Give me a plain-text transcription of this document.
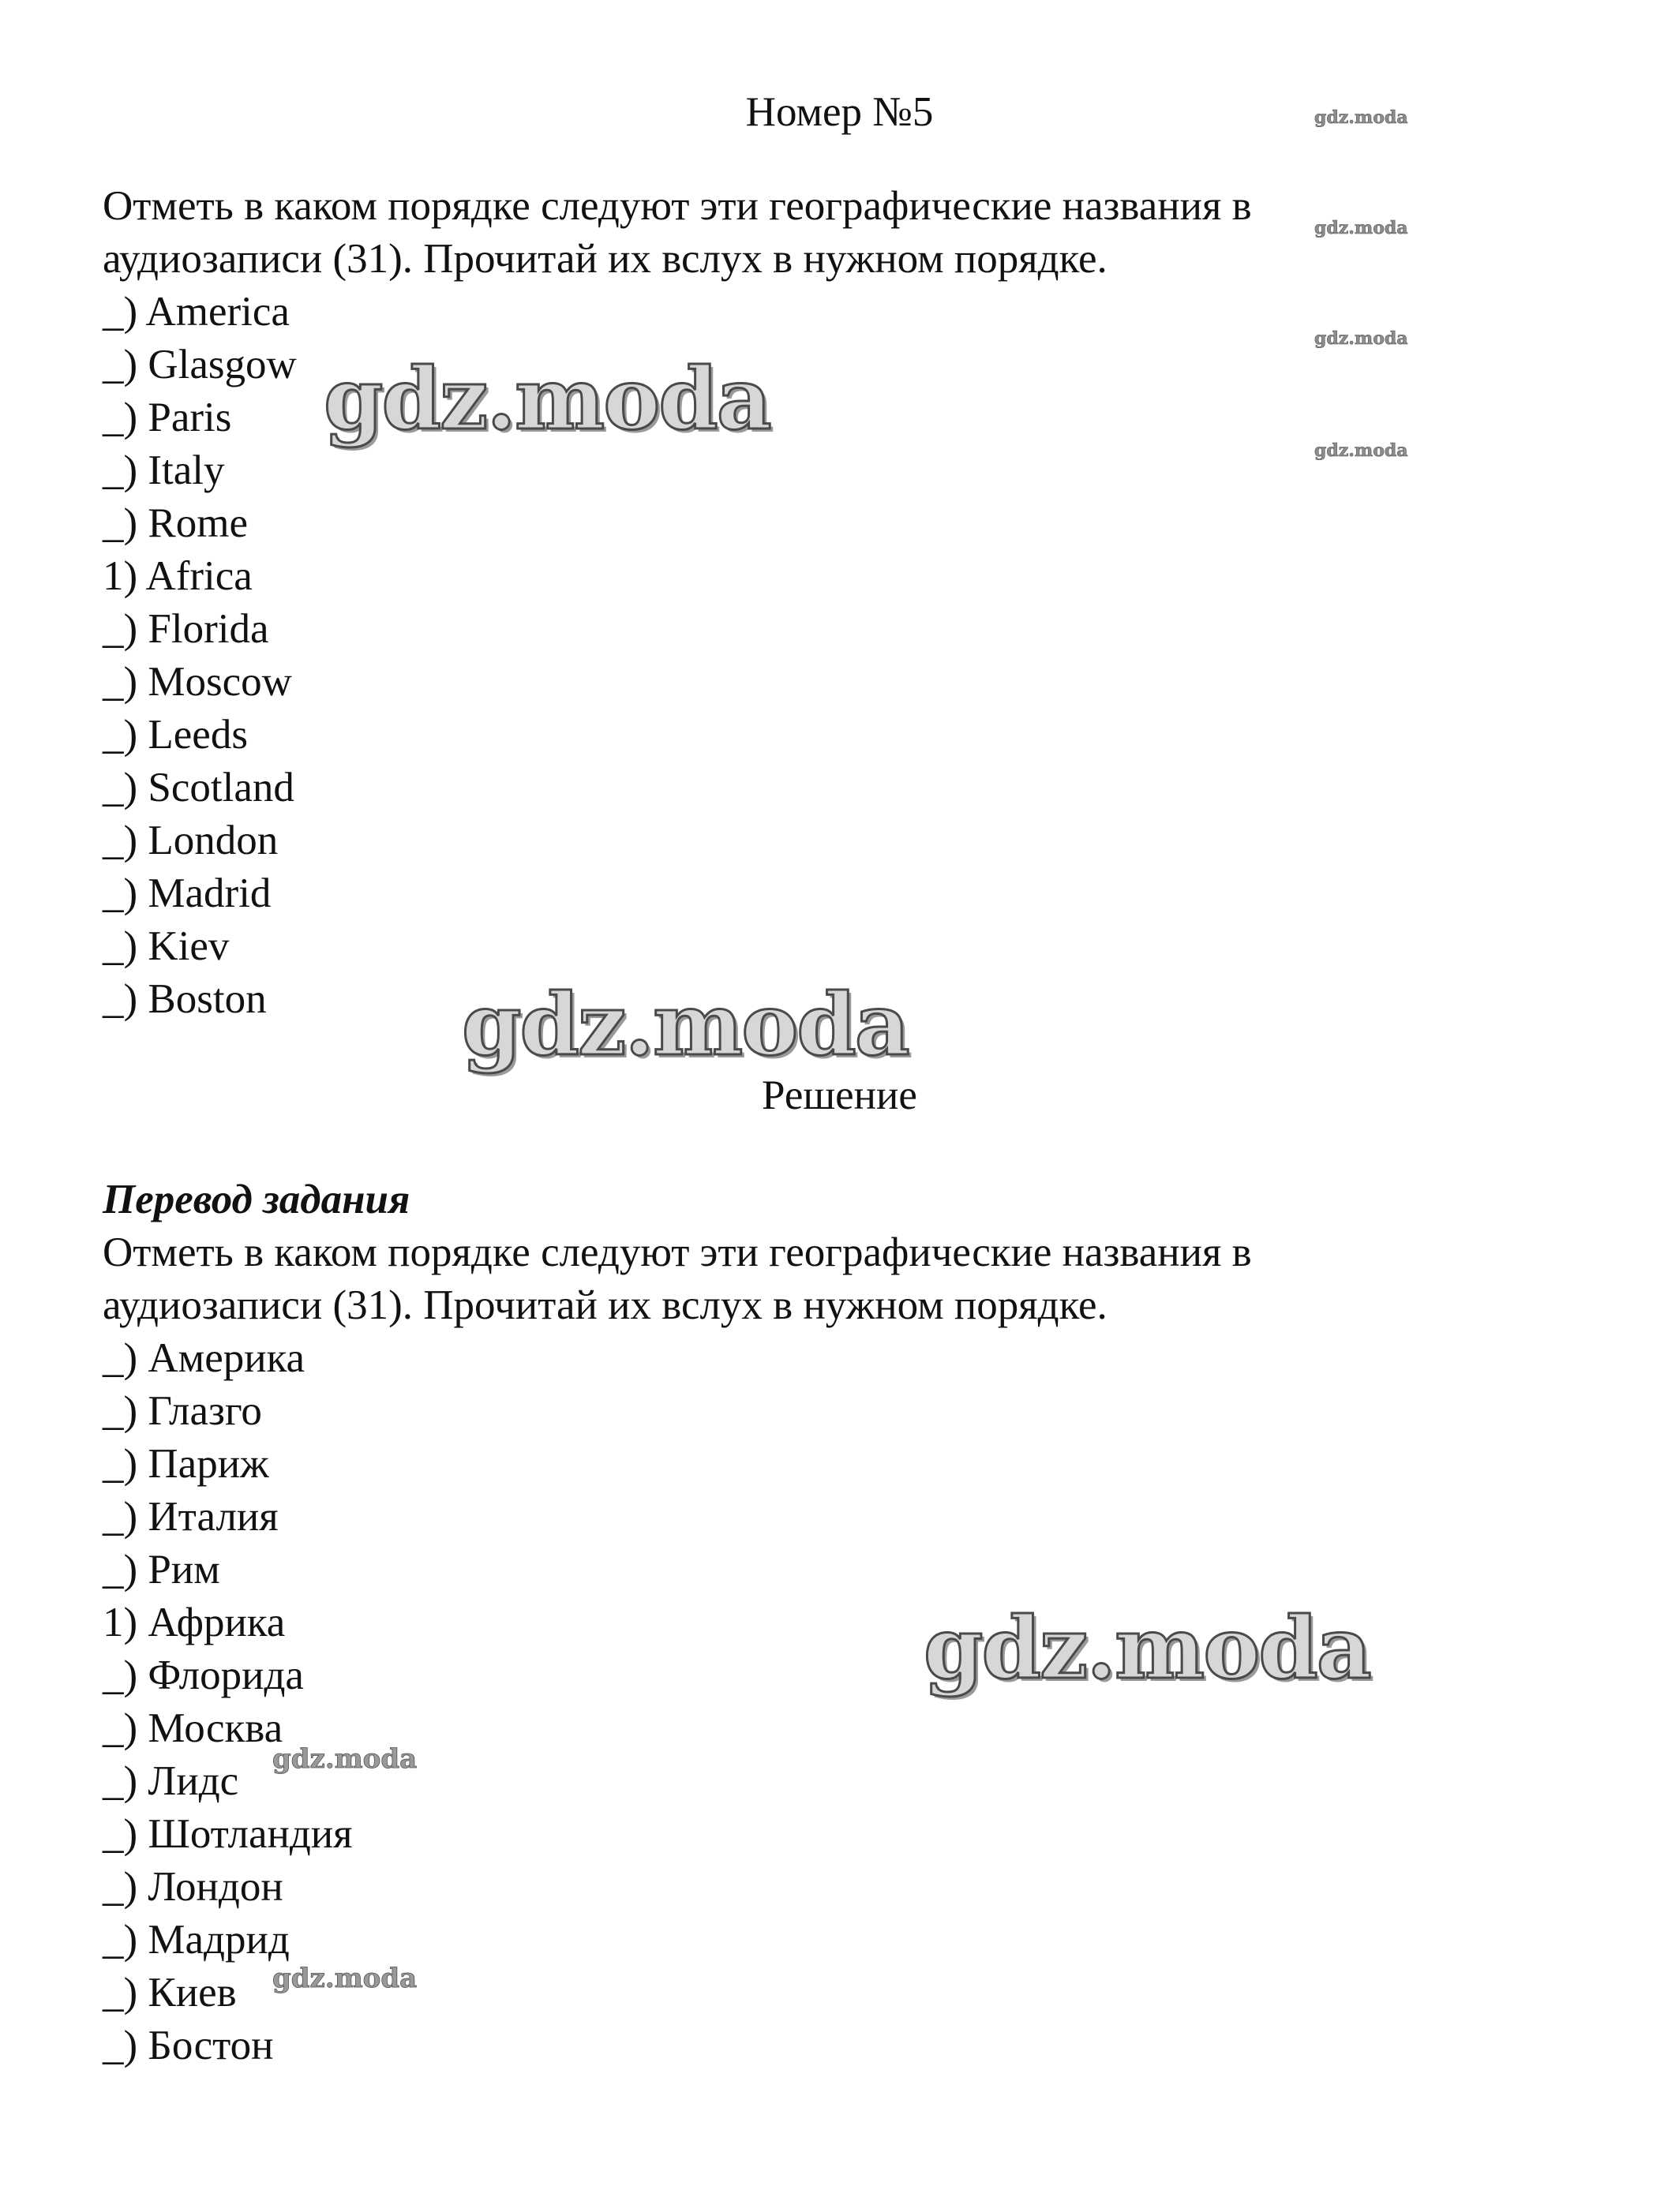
Номер №5
Отметь в каком порядке следуют эти географические названия в
аудиозаписи (31). Прочитай их вслух в нужном порядке.
_) America
_) Glasgow
_) Paris
_) Italy
_) Rome
1) Africa
_) Florida
_) Moscow
_) Leeds
_) Scotland
_) London
_) Madrid
_) Kiev
_) Boston
Решение
Перевод задания
Отметь в каком порядке следуют эти географические названия в
аудиозаписи (31). Прочитай их вслух в нужном порядке.
_) Америка
_) Глазго
_) Париж
_) Италия
_) Рим
1) Африка
_) Флорида
_) Москва
_) Лидс
_) Шотландия
_) Лондон
_) Мадрид
_) Киев
_) Бостон
gdz.moda
gdz.moda
gdz.moda
gdz.moda
gdz.moda
gdz.moda
gdz.moda
gdz.moda
gdz.moda
